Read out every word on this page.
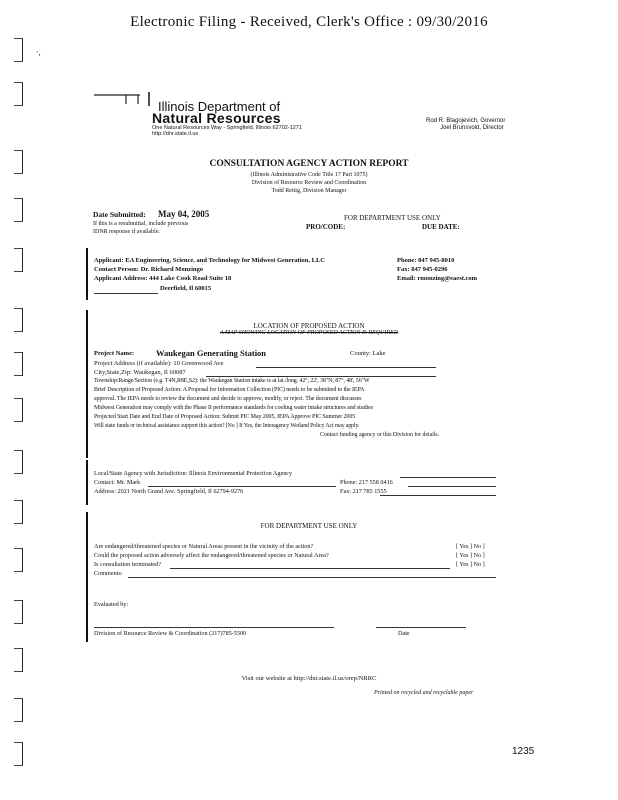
Electronic Filing - Received, Clerk's Office : 09/30/2016
·,
Illinois Department of
Natural Resources
One Natural Resources Way - Springfield, Illinois 62702-1271
http://dnr.state.il.us
Rod R. Blagojevich, Governor
Joel Brunsvold, Director
CONSULTATION AGENCY ACTION REPORT
(Illinois Administrative Code Title 17 Part 1075)
Division of Resource Review and Coordination
Todd Rettig, Division Manager
Date Submitted: May 04, 2005
If this is a resubmittal, include previous
IDNR response if available.
FOR DEPARTMENT USE ONLY
PRO/CODE:	DUE DATE:
Applicant: EA Engineering, Science, and Technology for Midwest Generation, LLC	Phone: 847 945-8010
Contact Person: Dr. Richard Monzingo	Fax: 847 945-0296
Applicant Address: 444 Lake Cook Road Suite 18	Email: rmonzing@eaest.com
Deerfield, Il 60015
LOCATION OF PROPOSED ACTION
A MAP SHOWING LOCATION OF PROPOSED ACTION IS REQUIRED
Project Name:	Waukegan Generating Station	County: Lake
Project Address (if available): 10 Greenwood Ave
City,State,Zip: Waukegan, Il 60087
Township/Range/Section (e.g. T4N,R8E,S2): the Waukegan Station intake is at lat./long. 42°, 22', 38"N; 87°, 48', 56"W
Brief Description of Proposed Action: A Proposal for Information Collection (PIC) needs to be submitted to the IEPA
approval. The IEPA needs to review the document and decide to approve, modify, or reject. The document discusses
Midwest Generation may comply with the Phase II performance standards for cooling water intake structures and studies
Projected Start Date and End Date of Proposed Action: Submit PIC May 2005, IEPA Approve PIC Summer 2005
Will state funds or technical assistance support this action? [No ] If Yes, the Interagency Wetland Policy Act may apply.
Contact funding agency or this Division for details.
Local/State Agency with Jurisdiction: Illinois Environmental Protection Agency
Contact: Mr. Mark	Phone: 217 558 0416
Address: 2021 North Grand Ave. Springfield, Il 62794-9276	Fax: 217 785 1555
FOR DEPARTMENT USE ONLY
Are endangered/threatened species or Natural Areas present in the vicinity of the action?	[ Yes ] No ]
Could the proposed action adversely affect the endangered/threatened species or Natural Area?	[ Yes ] No ]
Is consultation terminated?	[ Yes ] No ]
Comments:
Evaluated by:
Division of Resource Review & Coordination (217)785-5500	Date
Visit our website at http://dnr.state.il.us/orep/NRRC
Printed on recycled and recyclable paper
1235
